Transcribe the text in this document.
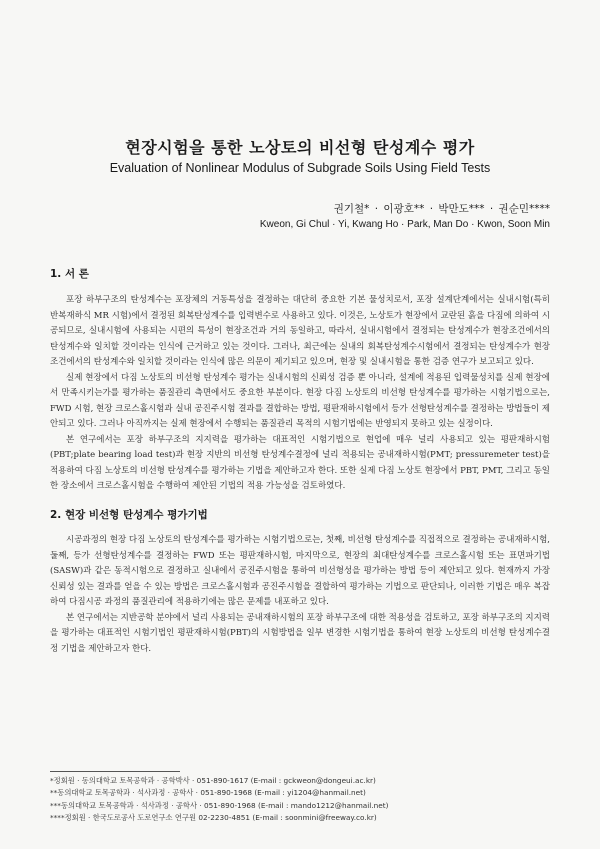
현장시험을 통한 노상토의 비선형 탄성계수 평가
Evaluation of Nonlinear Modulus of Subgrade Soils Using Field Tests
권기철* · 이광호** · 박만도*** · 권순민****
Kweon, Gi Chul · Yi, Kwang Ho · Park, Man Do · Kwon, Soon Min
1. 서 론

포장 하부구조의 탄성계수는 포장체의 거동특성을 결정하는 대단히 중요한 기본 물성치로서, 포장 설계단계에서는 실내시험(특히 반복재하식 MR 시험)에서 결정된 회복탄성계수를 입력변수로 사용하고 있다. 이것은, 노상토가 현장에서 교란된 흙을 다짐에 의하여 시공되므로, 실내시험에 사용되는 시편의 특성이 현장조건과 거의 동일하고, 따라서, 실내시험에서 결정되는 탄성계수가 현장조건에서의 탄성계수와 일치할 것이라는 인식에 근거하고 있는 것이다. 그러나, 최근에는 실내의 회복탄성계수시험에서 결정되는 탄성계수가 현장조건에서의 탄성계수와 일치할 것이라는 인식에 많은 의문이 제기되고 있으며, 현장 및 실내시험을 통한 검증 연구가 보고되고 있다.

실제 현장에서 다짐 노상토의 비선형 탄성계수 평가는 실내시험의 신뢰성 검증 뿐 아니라, 설계에 적용된 입력물성치를 실제 현장에서 만족시키는가를 평가하는 품질관리 측면에서도 중요한 부분이다. 현장 다짐 노상토의 비선형 탄성계수를 평가하는 시험기법으로는, FWD 시험, 현장 크로스홀시험과 실내 공진주시험 결과를 결합하는 방법, 평판재하시험에서 등가 선형탄성계수를 결정하는 방법들이 제안되고 있다. 그러나 아직까지는 실제 현장에서 수행되는 품질관리 목적의 시험기법에는 반영되지 못하고 있는 실정이다.

본 연구에서는 포장 하부구조의 지지력을 평가하는 대표적인 시험기법으로 현업에 매우 널리 사용되고 있는 평판재하시험(PBT;plate bearing load test)과 현장 지반의 비선형 탄성계수결정에 널리 적용되는 공내재하시험(PMT; pressuremeter test)을 적용하여 다짐 노상토의 비선형 탄성계수를 평가하는 기법을 제안하고자 한다. 또한 실제 다짐 노상토 현장에서 PBT, PMT, 그리고 동일한 장소에서 크로스홀시험을 수행하여 제안된 기법의 적용 가능성을 검토하였다.

2. 현장 비선형 탄성계수 평가기법

시공과정의 현장 다짐 노상토의 탄성계수를 평가하는 시험기법으로는, 첫째, 비선형 탄성계수를 직접적으로 결정하는 공내재하시험, 둘째, 등가 선형탄성계수를 결정하는 FWD 또는 평판재하시험, 마지막으로, 현장의 최대탄성계수를 크로스홀시험 또는 표면파기법(SASW)과 같은 동적시험으로 결정하고 실내에서 공진주시험을 통하여 비선형성을 평가하는 방법 등이 제안되고 있다. 현재까지 가장 신뢰성 있는 결과를 얻을 수 있는 방법은 크로스홀시험과 공진주시험을 결합하여 평가하는 기법으로 판단되나, 이러한 기법은 매우 복잡하여 다짐시공 과정의 품질관리에 적용하기에는 많은 문제를 내포하고 있다.

본 연구에서는 지반공학 분야에서 널리 사용되는 공내재하시험의 포장 하부구조에 대한 적용성을 검토하고, 포장 하부구조의 지지력을 평가하는 대표적인 시험기법인 평판재하시험(PBT)의 시험방법을 일부 변경한 시험기법을 통하여 현장 노상토의 비선형 탄성계수결정 기법을 제안하고자 한다.

*정회원 · 동의대학교 토목공학과 · 공학박사 · 051-890-1617 (E-mail : gckweon@dongeui.ac.kr)
**동의대학교 토목공학과 · 석사과정 · 공학사 · 051-890-1968 (E-mail : yi1204@hanmail.net)
***동의대학교 토목공학과 · 석사과정 · 공학사 · 051-890-1968 (E-mail : mando1212@hanmail.net)
****정회원 · 한국도로공사 도로연구소 연구원 02-2230-4851 (E-mail : soonmini@freeway.co.kr)
